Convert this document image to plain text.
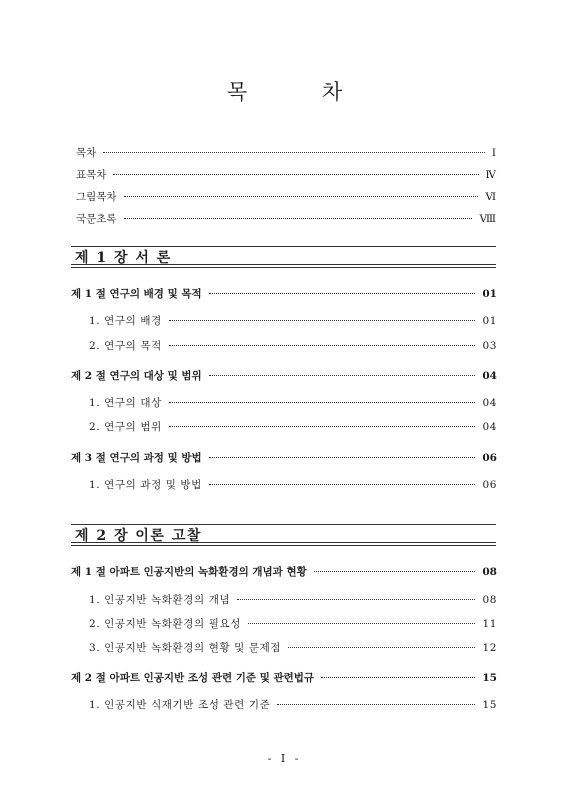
목 차
목차	Ⅰ
표목차	Ⅳ
그림목차	Ⅵ
국문초록	Ⅷ
제 1 장 서 론
제 1 절 연구의 배경 및 목적	01
1. 연구의 배경	01
2. 연구의 목적	03
제 2 절 연구의 대상 및 범위	04
1. 연구의 대상	04
2. 연구의 범위	04
제 3 절 연구의 과정 및 방법	06
1. 연구의 과정 및 방법	06
제 2 장 이론 고찰
제 1 절 아파트 인공지반의 녹화환경의 개념과 현황	08
1. 인공지반 녹화환경의 개념	08
2. 인공지반 녹화환경의 필요성	11
3. 인공지반 녹화환경의 현황 및 문제점	12
제 2 절 아파트 인공지반 조성 관련 기준 및 관련법규	15
1. 인공지반 식재기반 조성 관련 기준	15
- Ⅰ -
